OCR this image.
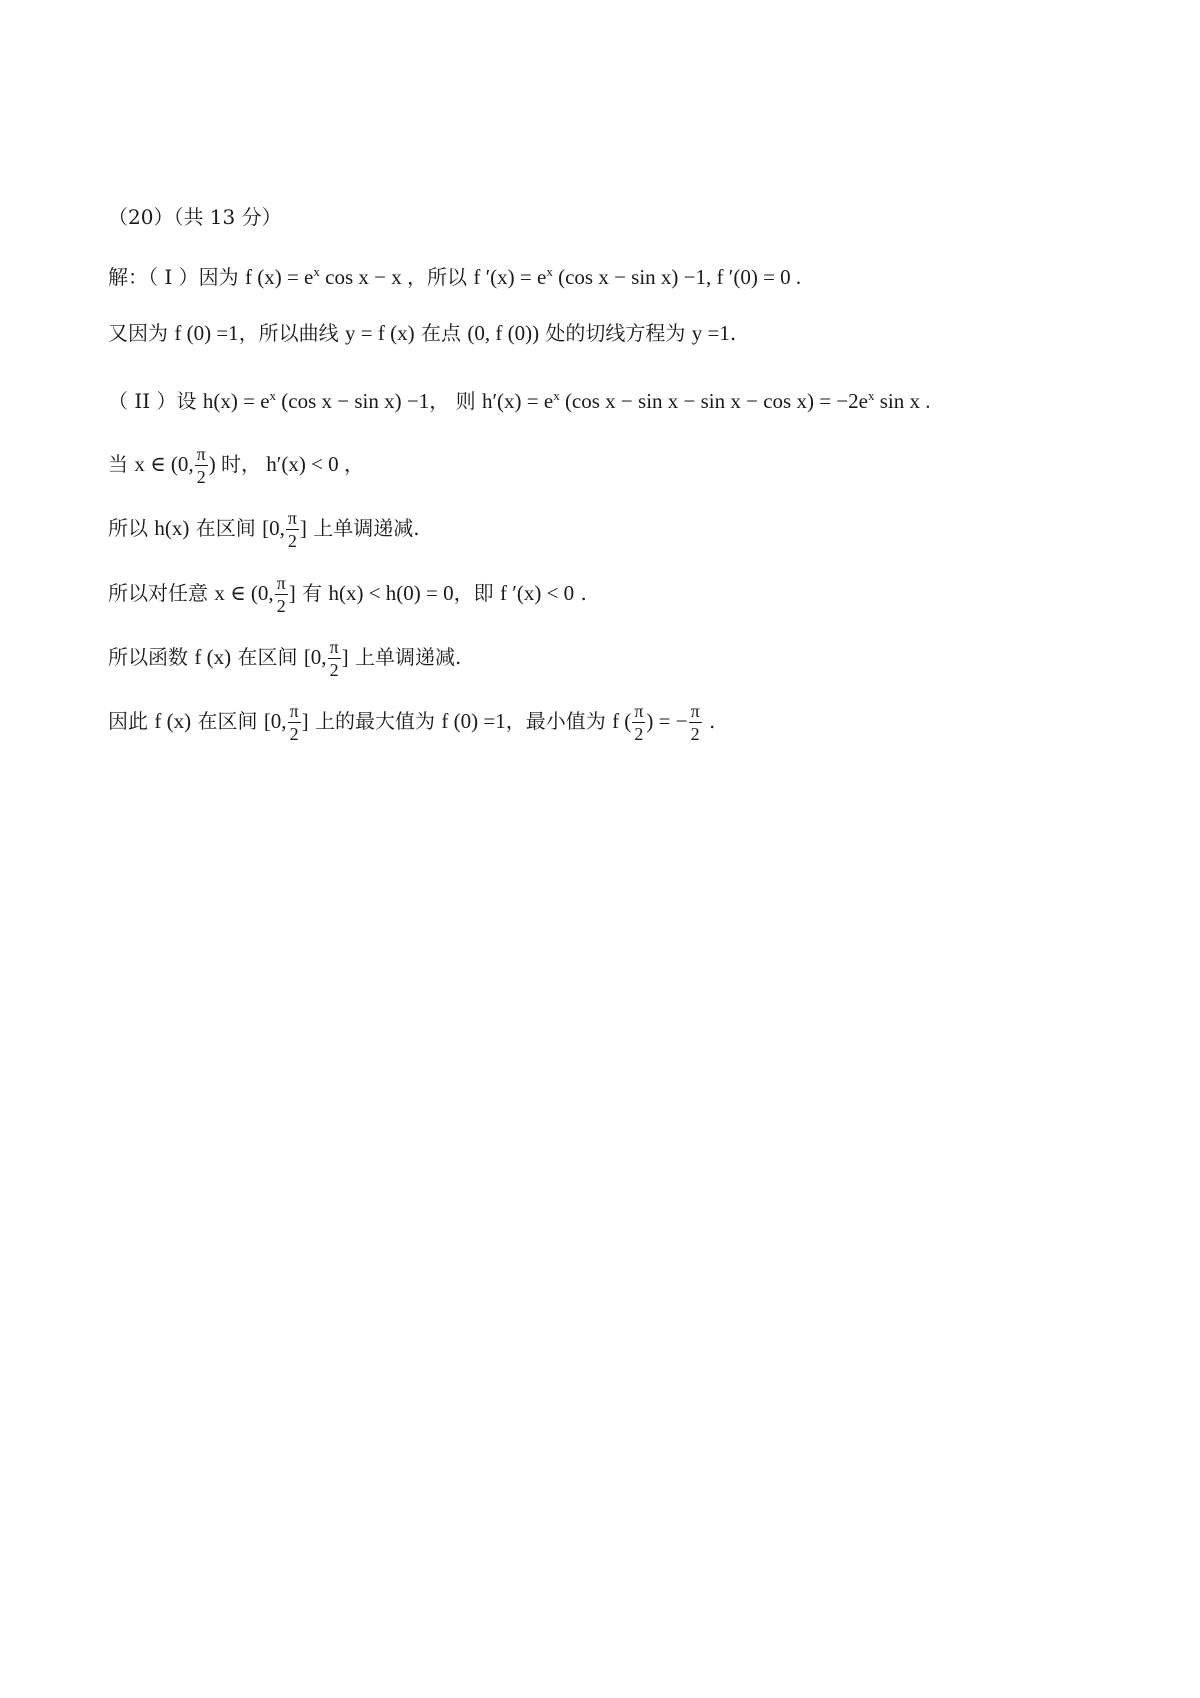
（20）（共 13 分）
解：（ I ）因为 f $(x) = e^x$ cos x − x ，所以 f $'(x) = e^x$ (cos x − sin x) −1, f ′(0) = 0 .
又因为 f (0) =1，所以曲线 y = f (x) 在点 (0, f (0)) 处的切线方程为 y =1.
（ II ）设 $h(x) = e^x$ (cos x − sin x) −1， 则 $h'(x) = e^x$ (cos $x - \sin x - \sin x - \cos x) = -2e^x$ sin x .
当 x ∈ (0, $\frac{\pi}{2}$ ) 时， h′(x) < 0 ，
所以 h(x) 在区间 [0, $\frac{\pi}{2}$ ] 上单调递减.
所以对任意 x ∈ (0, $\frac{\pi}{2}$ ] 有 h(x) < h(0) = 0，即 f ′(x) < 0 .
所以函数 f (x) 在区间 [0, $\frac{\pi}{2}$ ] 上单调递减.
因此 f (x) 在区间 [0, $\frac{\pi}{2}$ ] 上的最大值为 f (0) =1，最小值为 f ( $\frac{\pi}{2}$ ) = − $\frac{\pi}{2}$ .
